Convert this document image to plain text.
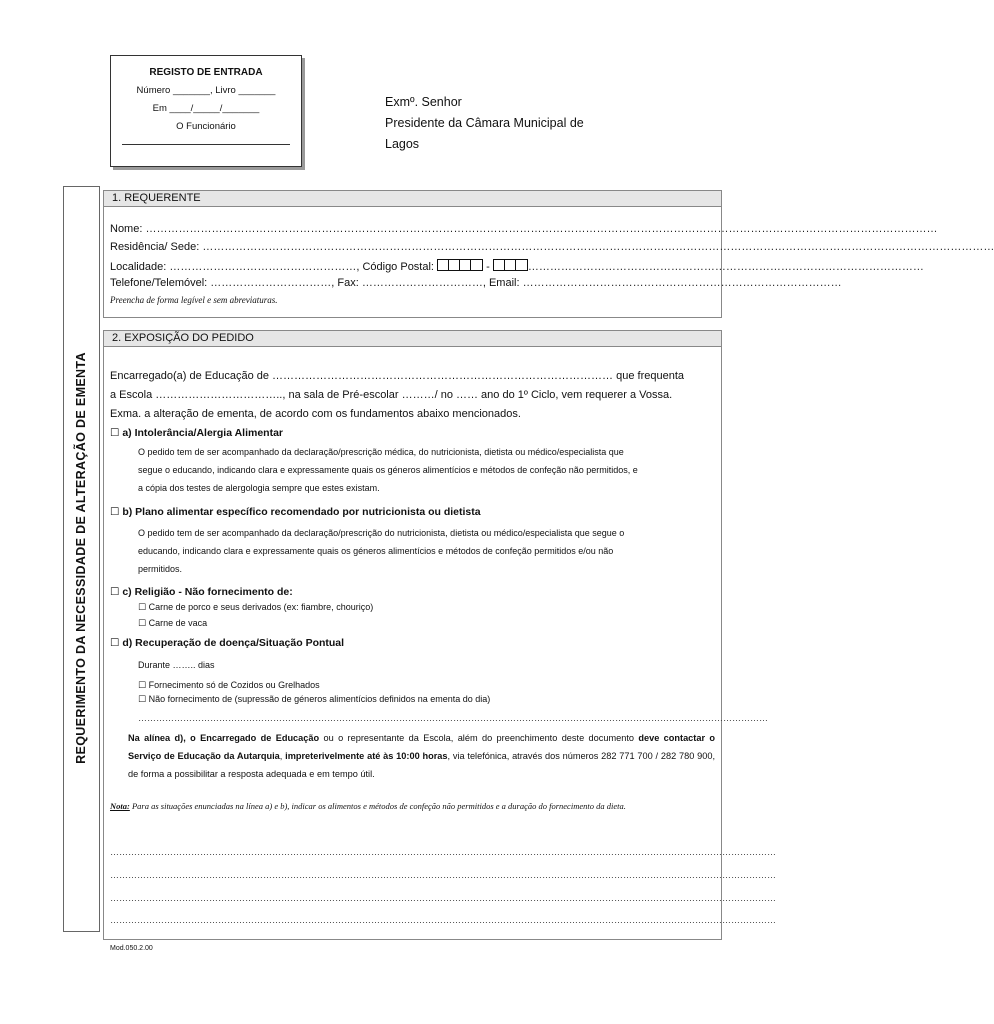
REGISTO DE ENTRADA
Número _______, Livro _______
Em ____/_____/_______
O Funcionário
Exmº. Senhor
Presidente da Câmara Municipal de
Lagos
REQUERIMENTO DA NECESSIDADE DE ALTERAÇÃO DE EMENTA
1. REQUERENTE
Nome: ………………………………………………………………………………………………………………………………………………………………………………………………
Residência/ Sede: ………………………………………………………………………………………………………………………………………………………………………………………………
Localidade: ……………………………………………, Código Postal:	-	………………………………………………………………………………………………
Telefone/Telemóvel: ……………………………, Fax: ……………………………, Email: ……………………………………………………………………………
Preencha de forma legível e sem abreviaturas.
2. EXPOSIÇÃO DO PEDIDO
Encarregado(a) de Educação de ………………………………………………………………………………… que frequenta
a Escola …………………………….., na sala de Pré-escolar ………/ no …… ano do 1º Ciclo, vem requerer a Vossa.
Exma. a alteração de ementa, de acordo com os fundamentos abaixo mencionados.
☐ a) Intolerância/Alergia Alimentar
O pedido tem de ser acompanhado da declaração/prescrição médica, do nutricionista, dietista ou médico/especialista que
segue o educando, indicando clara e expressamente quais os géneros alimentícios e métodos de confeção não permitidos, e
a cópia dos testes de alergologia sempre que estes existam.
☐ b) Plano alimentar específico recomendado por nutricionista ou dietista
O pedido tem de ser acompanhado da declaração/prescrição do nutricionista, dietista ou médico/especialista que segue o
educando, indicando clara e expressamente quais os géneros alimentícios e métodos de confeção permitidos e/ou não
permitidos.
☐ c) Religião - Não fornecimento de:
☐ Carne de porco e seus derivados (ex: fiambre, chouriço)
☐ Carne de vaca
☐ d) Recuperação de doença/Situação Pontual
Durante …….. dias
☐ Fornecimento só de Cozidos ou Grelhados
☐ Não fornecimento de (supressão de géneros alimentícios definidos na ementa do dia)
…………………………………………………………………………………………………………………………………………………………………………………………
Na alínea d), o Encarregado de Educação ou o representante da Escola, além do preenchimento deste documento deve contactar o Serviço de Educação da Autarquia, impreterivelmente até às 10:00 horas, via telefónica, através dos números 282 771 700 / 282 780 900, de forma a possibilitar a resposta adequada e em tempo útil.
Nota: Para as situações enunciadas na línea a) e b), indicar os alimentos e métodos de confeção não permitidos e a duração do fornecimento da dieta.
……………………………………………………………………………………………………………………………………………………………………………………………………
……………………………………………………………………………………………………………………………………………………………………………………………………
……………………………………………………………………………………………………………………………………………………………………………………………………
……………………………………………………………………………………………………………………………………………………………………………………………………
Mod.050.2.00
